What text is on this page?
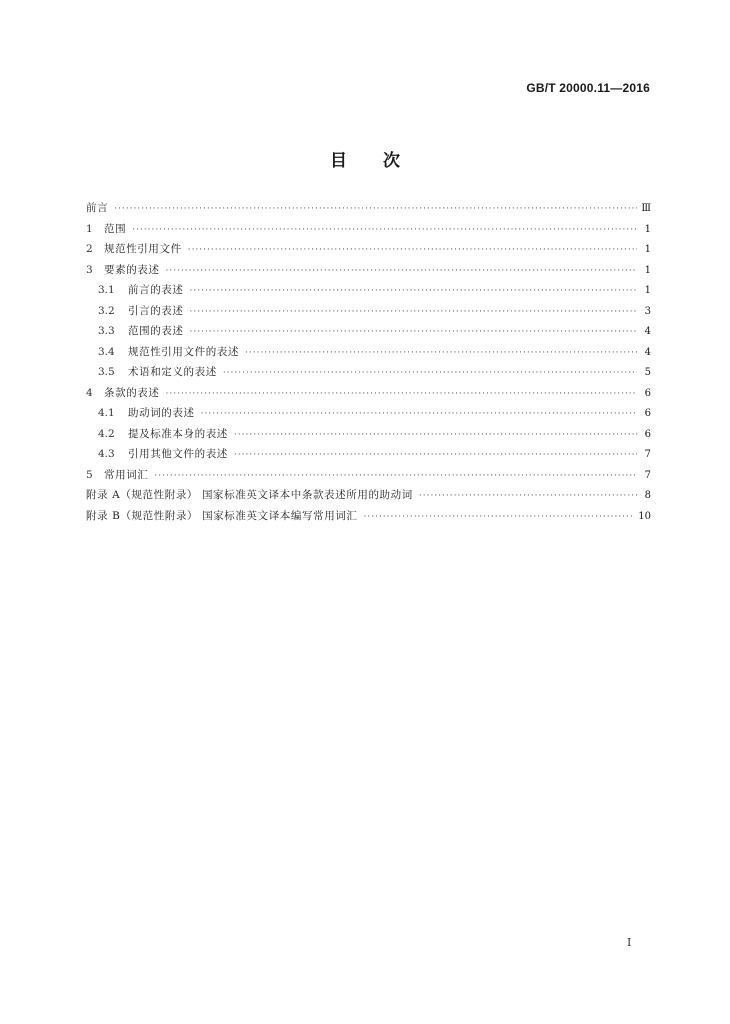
GB/T 20000.11—2016
目 次
前言 ·····	Ⅲ
1	范围 ·····	1
2	规范性引用文件 ·····	1
3	要素的表述 ·····	1
3.1	前言的表述 ·····	1
3.2	引言的表述 ·····	3
3.3	范围的表述 ·····	4
3.4	规范性引用文件的表述 ·····	4
3.5	术语和定义的表述 ·····	5
4	条款的表述 ·····	6
4.1	助动词的表述 ·····	6
4.2	提及标准本身的表述 ·····	6
4.3	引用其他文件的表述 ·····	7
5	常用词汇 ·····	7
附录 A（规范性附录） 国家标准英文译本中条款表述所用的助动词 ·····	8
附录 B（规范性附录） 国家标准英文译本编写常用词汇 ·····	10
I
